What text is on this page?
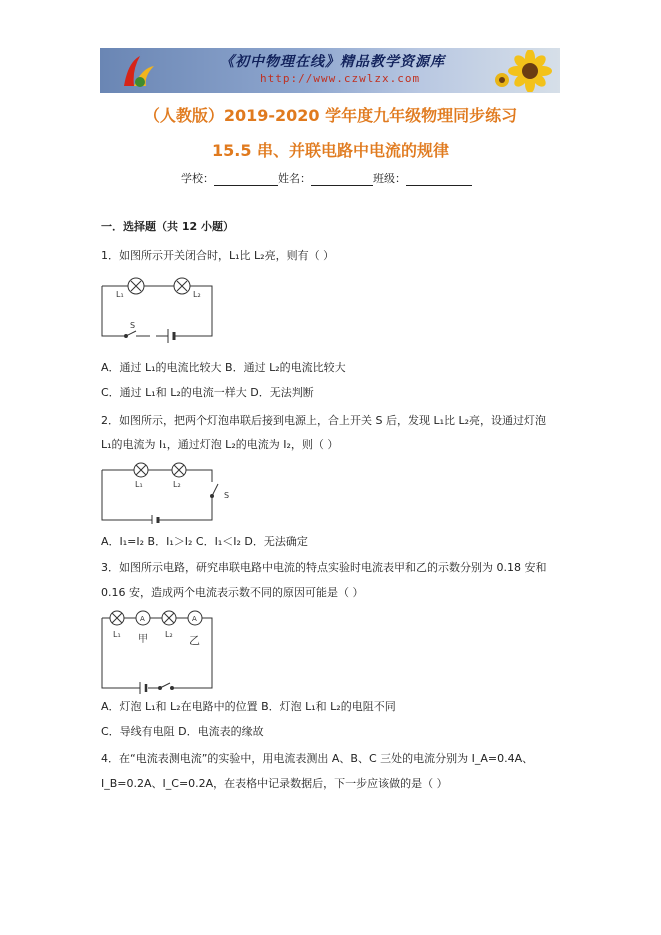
《初中物理在线》精品教学资源库
http://www.czwlzx.com
（人教版）2019-2020 学年度九年级物理同步练习
15.5 串、并联电路中电流的规律
学校：	姓名：	班级：
一．选择题（共 12 小题）
1．如图所示开关闭合时，L₁比 L₂亮，则有（ ）
L₁	L₂
S
A．通过 L₁的电流比较大 B．通过 L₂的电流比较大
C．通过 L₁和 L₂的电流一样大 D．无法判断
2．如图所示，把两个灯泡串联后接到电源上，合上开关 S 后，发现 L₁比 L₂亮，设通过灯泡
L₁的电流为 I₁，通过灯泡 L₂的电流为 I₂，则（ ）
L₁	L₂
S
A．I₁=I₂ B．I₁＞I₂ C．I₁＜I₂ D．无法确定
3．如图所示电路，研究串联电路中电流的特点实验时电流表甲和乙的示数分别为 0.18 安和
0.16 安，造成两个电流表示数不同的原因可能是（ ）
A	A
L₁ 甲 L₂ 乙
A．灯泡 L₁和 L₂在电路中的位置 B．灯泡 L₁和 L₂的电阻不同
C．导线有电阻 D．电流表的缘故
4．在“电流表测电流”的实验中，用电流表测出 A、B、C 三处的电流分别为 I_A=0.4A、
I_B=0.2A、I_C=0.2A，在表格中记录数据后，下一步应该做的是（ ）
